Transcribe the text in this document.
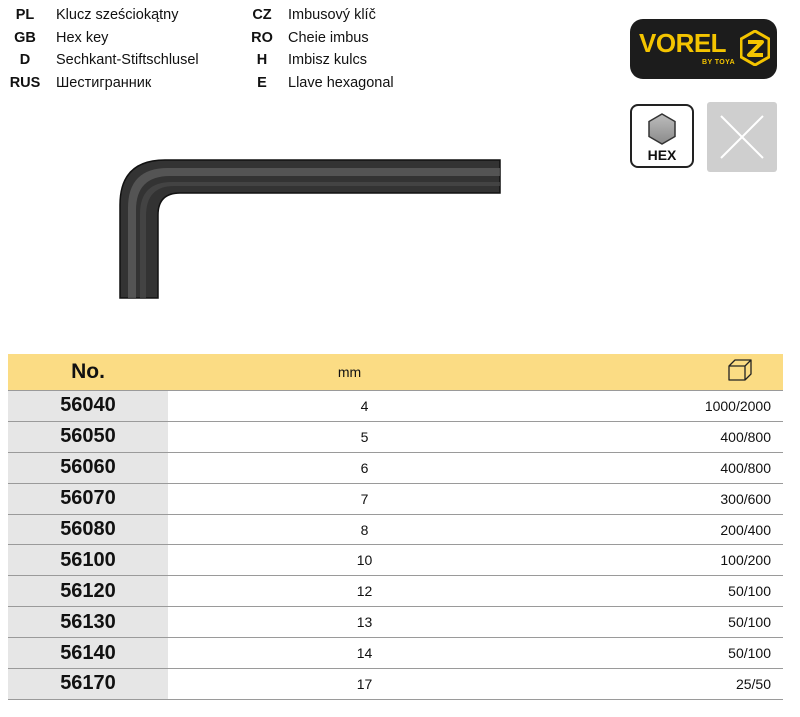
PL	Klucz sześciokątny
GB	Hex key
D	Sechkant-Stiftschlusel
RUS	Шестигранник
CZ	Imbusový klíč
RO	Cheie imbus
H	Imbisz kulcs
E	Llave hexagonal
VOREL
BY TOYA
HEX
No.	mm	
56040	4	1000/2000
56050	5	400/800
56060	6	400/800
56070	7	300/600
56080	8	200/400
56100	10	100/200
56120	12	50/100
56130	13	50/100
56140	14	50/100
56170	17	25/50
